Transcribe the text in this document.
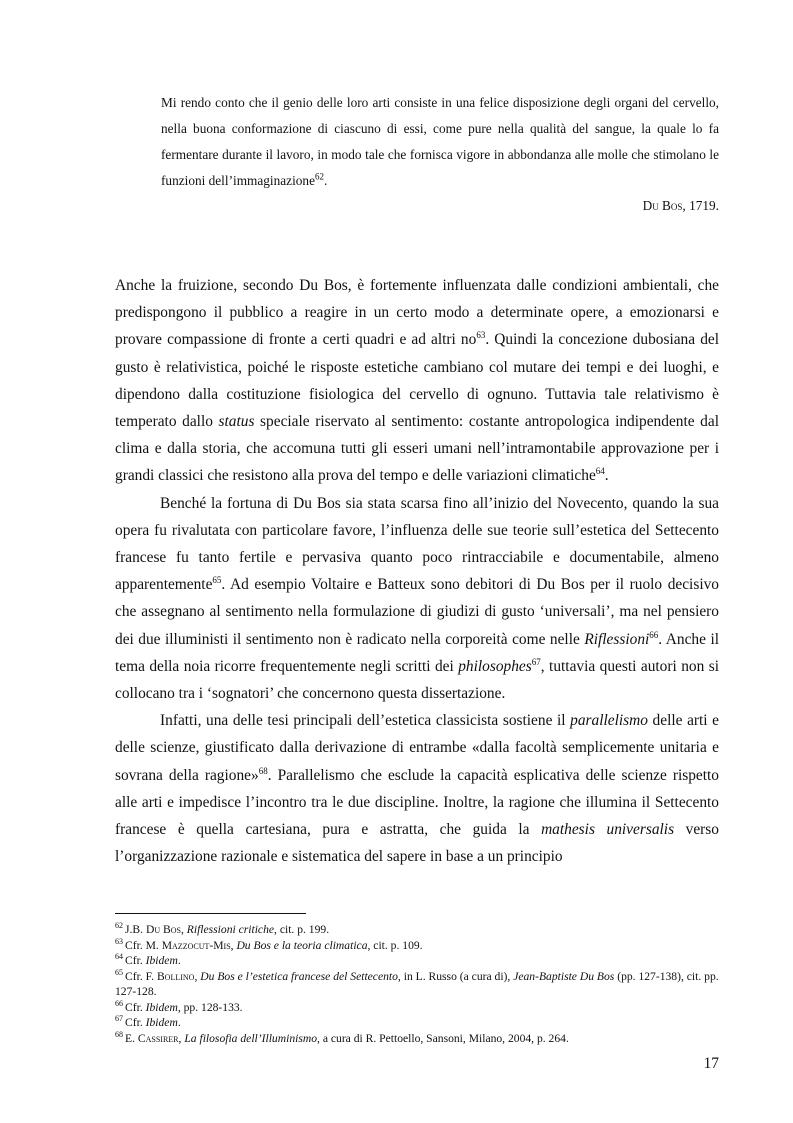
Mi rendo conto che il genio delle loro arti consiste in una felice disposizione degli organi del cervello, nella buona conformazione di ciascuno di essi, come pure nella qualità del sangue, la quale lo fa fermentare durante il lavoro, in modo tale che fornisca vigore in abbondanza alle molle che stimolano le funzioni dell’immaginazione$^{62}$.

Du Bos, 1719.

Anche la fruizione, secondo Du Bos, è fortemente influenzata dalle condizioni ambientali, che predispongono il pubblico a reagire in un certo modo a determinate opere, a emozionarsi e provare compassione di fronte a certi quadri e ad altri $no^{63}$. Quindi la concezione dubosiana del gusto è relativistica, poiché le risposte estetiche cambiano col mutare dei tempi e dei luoghi, e dipendono dalla costituzione fisiologica del cervello di ognuno. Tuttavia tale relativismo è temperato dallo status speciale riservato al sentimento: costante antropologica indipendente dal clima e dalla storia, che accomuna tutti gli esseri umani nell’intramontabile approvazione per i grandi classici che resistono alla prova del tempo e delle variazioni climatiche$^{64}$.

Benché la fortuna di Du Bos sia stata scarsa fino all’inizio del Novecento, quando la sua opera fu rivalutata con particolare favore, l’influenza delle sue teorie sull’estetica del Settecento francese fu tanto fertile e pervasiva quanto poco rintracciabile e documentabile, almeno apparentemente$^{65}$. Ad esempio Voltaire e Batteux sono debitori di Du Bos per il ruolo decisivo che assegnano al sentimento nella formulazione di giudizi di gusto ‘universali’, ma nel pensiero dei due illuministi il sentimento non è radicato nella corporeità come nelle Riflessioni$^{66}$. Anche il tema della noia ricorre frequentemente negli scritti dei philosophes$^{67}$, tuttavia questi autori non si collocano tra i ‘sognatori’ che concernono questa dissertazione.

Infatti, una delle tesi principali dell’estetica classicista sostiene il parallelismo delle arti e delle scienze, giustificato dalla derivazione di entrambe «dalla facoltà semplicemente unitaria e sovrana della ragione»$^{68}$. Parallelismo che esclude la capacità esplicativa delle scienze rispetto alle arti e impedisce l’incontro tra le due discipline. Inoltre, la ragione che illumina il Settecento francese è quella cartesiana, pura e astratta, che guida la mathesis universalis verso l’organizzazione razionale e sistematica del sapere in base a un principio

$^{62}$ J.B. Du Bos, Riflessioni critiche, cit. p. 199.
$^{63}$ Cfr. M. Mazzocut-Mis, Du Bos e la teoria climatica, cit. p. 109.
$^{64}$ Cfr. Ibidem.
$^{65}$ Cfr. F. Bollino, Du Bos e l’estetica francese del Settecento, in L. Russo (a cura di), Jean-Baptiste Du Bos (pp. 127-138), cit. pp. 127-128.
$^{66}$ Cfr. Ibidem, pp. 128-133.
$^{67}$ Cfr. Ibidem.
$^{68}$ E. Cassirer, La filosofia dell’Illuminismo, a cura di R. Pettoello, Sansoni, Milano, 2004, p. 264.
17
